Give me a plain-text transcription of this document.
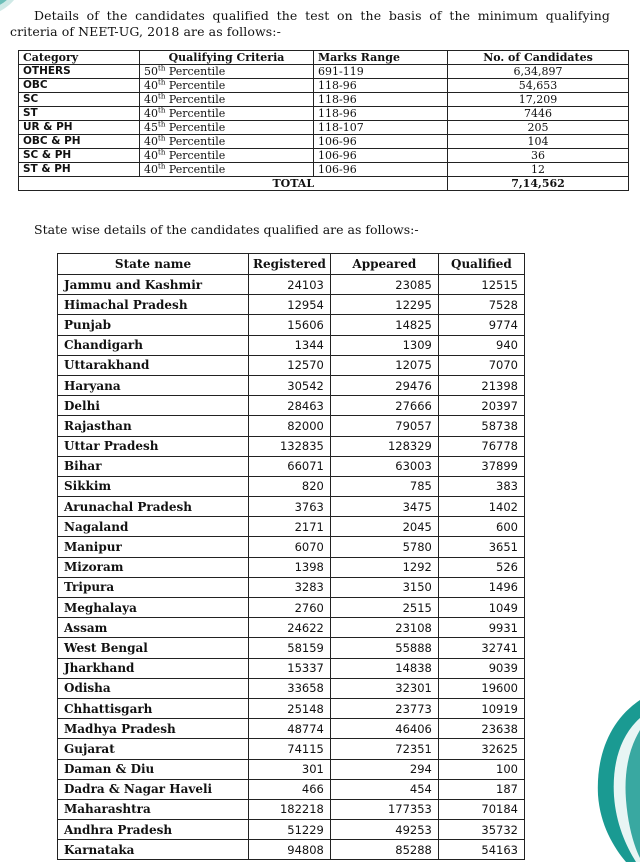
Details of the candidates qualified the test on the basis of the minimum qualifying criteria of NEET-UG, 2018 are as follows:-
Category	Qualifying Criteria	Marks Range	No. of Candidates
OTHERS	50th Percentile	691-119	6,34,897
OBC	40th Percentile	118-96	54,653
SC	40th Percentile	118-96	17,209
ST	40th Percentile	118-96	7446
UR & PH	45th Percentile	118-107	205
OBC & PH	40th Percentile	106-96	104
SC & PH	40th Percentile	106-96	36
ST & PH	40th Percentile	106-96	12
	TOTAL		7,14,562
State wise details of the candidates qualified are as follows:-
State name	Registered	Appeared	Qualified
Jammu and Kashmir	24103	23085	12515
Himachal Pradesh	12954	12295	7528
Punjab	15606	14825	9774
Chandigarh	1344	1309	940
Uttarakhand	12570	12075	7070
Haryana	30542	29476	21398
Delhi	28463	27666	20397
Rajasthan	82000	79057	58738
Uttar Pradesh	132835	128329	76778
Bihar	66071	63003	37899
Sikkim	820	785	383
Arunachal Pradesh	3763	3475	1402
Nagaland	2171	2045	600
Manipur	6070	5780	3651
Mizoram	1398	1292	526
Tripura	3283	3150	1496
Meghalaya	2760	2515	1049
Assam	24622	23108	9931
West Bengal	58159	55888	32741
Jharkhand	15337	14838	9039
Odisha	33658	32301	19600
Chhattisgarh	25148	23773	10919
Madhya Pradesh	48774	46406	23638
Gujarat	74115	72351	32625
Daman & Diu	301	294	100
Dadra & Nagar Haveli	466	454	187
Maharashtra	182218	177353	70184
Andhra Pradesh	51229	49253	35732
Karnataka	94808	85288	54163
